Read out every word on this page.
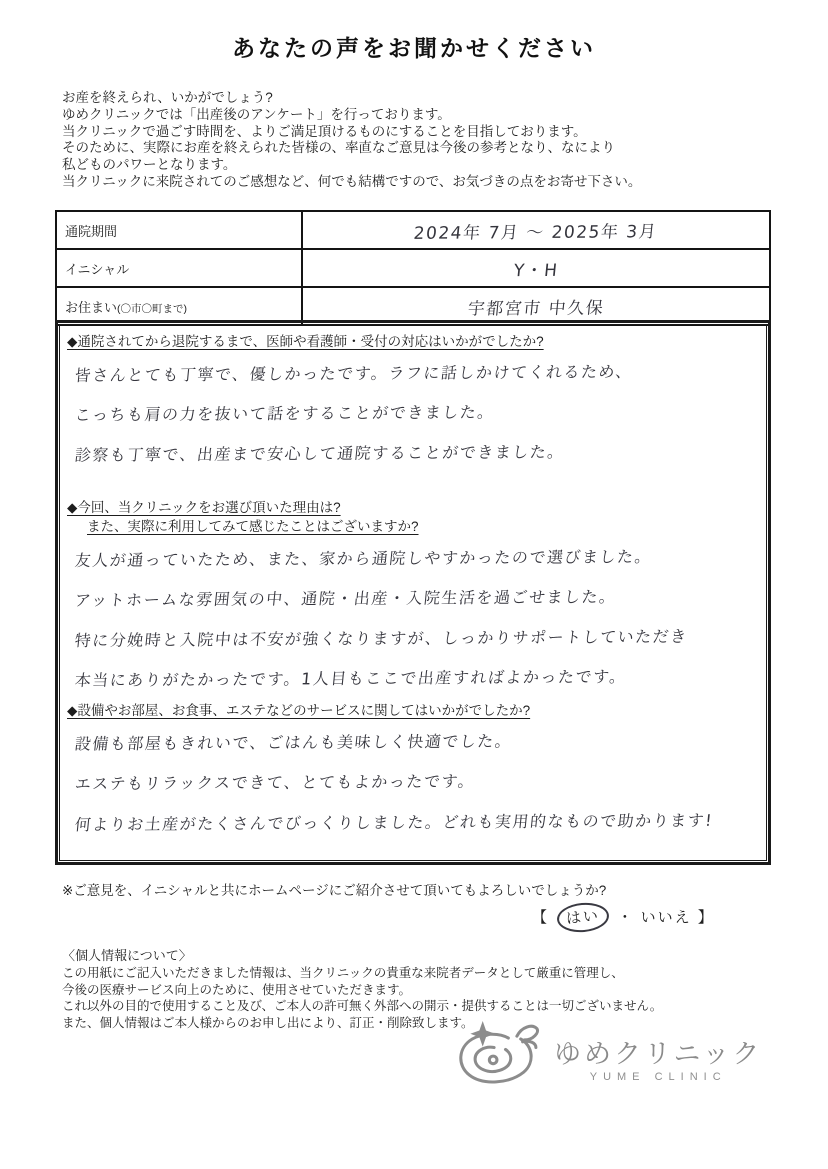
あなたの声をお聞かせください
お産を終えられ、いかがでしょう?
ゆめクリニックでは「出産後のアンケート」を行っております。
当クリニックで過ごす時間を、よりご満足頂けるものにすることを目指しております。
そのために、実際にお産を終えられた皆様の、率直なご意見は今後の参考となり、なにより
私どものパワーとなります。
当クリニックに来院されてのご感想など、何でも結構ですので、お気づきの点をお寄せ下さい。
通院期間	2024年 7月 ～ 2025年 3月
イニシャル	Y・H
お住まい(〇市〇町まで)	宇都宮市 中久保
◆通院されてから退院するまで、医師や看護師・受付の対応はいかがでしたか?
皆さんとても丁寧で、優しかったです。ラフに話しかけてくれるため、
こっちも肩の力を抜いて話をすることができました。
診察も丁寧で、出産まで安心して通院することができました。
◆今回、当クリニックをお選び頂いた理由は?
また、実際に利用してみて感じたことはございますか?
友人が通っていたため、また、家から通院しやすかったので選びました。
アットホームな雰囲気の中、通院・出産・入院生活を過ごせました。
特に分娩時と入院中は不安が強くなりますが、しっかりサポートしていただき
本当にありがたかったです。1人目もここで出産すればよかったです。
◆設備やお部屋、お食事、エステなどのサービスに関してはいかがでしたか?
設備も部屋もきれいで、ごはんも美味しく快適でした。
エステもリラックスできて、とてもよかったです。
何よりお土産がたくさんでびっくりしました。どれも実用的なもので助かります!
※ご意見を、イニシャルと共にホームページにご紹介させて頂いてもよろしいでしょうか?
【 はい ・ いいえ 】
〈個人情報について〉
この用紙にご記入いただきました情報は、当クリニックの貴重な来院者データとして厳重に管理し、
今後の医療サービス向上のために、使用させていただきます。
これ以外の目的で使用すること及び、ご本人の許可無く外部への開示・提供することは一切ございません。
また、個人情報はご本人様からのお申し出により、訂正・削除致します。
ゆめクリニック
YUME CLINIC
